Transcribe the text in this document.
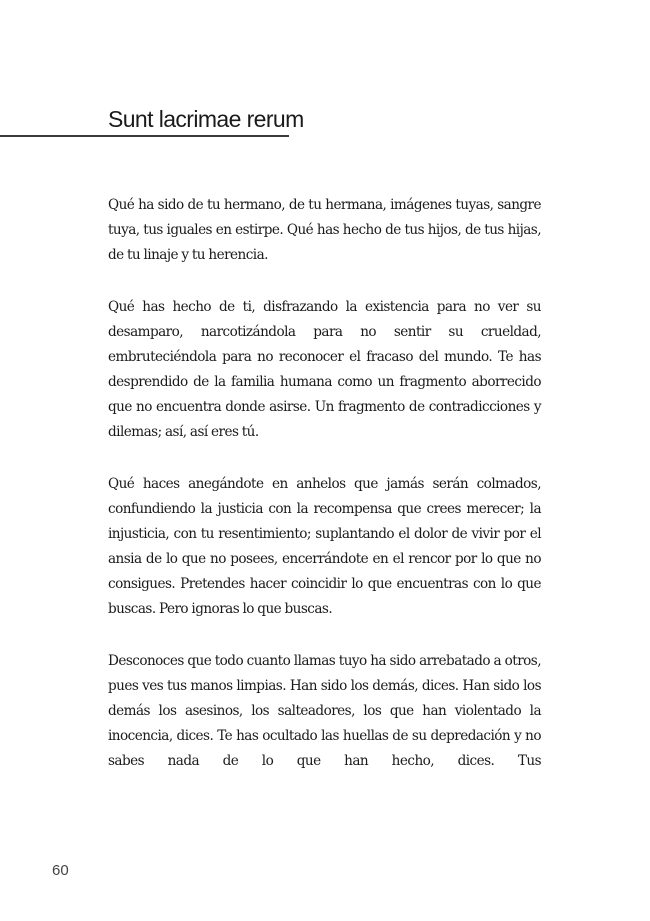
Sunt lacrimae rerum

Qué ha sido de tu hermano, de tu hermana, imágenes tuyas, sangre tuya, tus iguales en estirpe. Qué has hecho de tus hijos, de tus hijas, de tu linaje y tu herencia.

Qué has hecho de ti, disfrazando la existencia para no ver su desamparo, narcotizándola para no sentir su crueldad, embruteciéndola para no reconocer el fracaso del mundo. Te has desprendido de la familia humana como un fragmento aborrecido que no encuentra donde asirse. Un fragmento de contradicciones y dilemas; así, así eres tú.

Qué haces anegándote en anhelos que jamás serán colmados, confundiendo la justicia con la recompensa que crees merecer; la injusticia, con tu resentimiento; suplantando el dolor de vivir por el ansia de lo que no posees, encerrándote en el rencor por lo que no consigues. Pretendes hacer coincidir lo que encuentras con lo que buscas. Pero ignoras lo que buscas.

Desconoces que todo cuanto llamas tuyo ha sido arrebatado a otros, pues ves tus manos limpias. Han sido los demás, dices. Han sido los demás los asesinos, los salteadores, los que han violentado la inocencia, dices. Te has ocultado las huellas de su depredación y no sabes nada de lo que han hecho, dices. Tus

60
